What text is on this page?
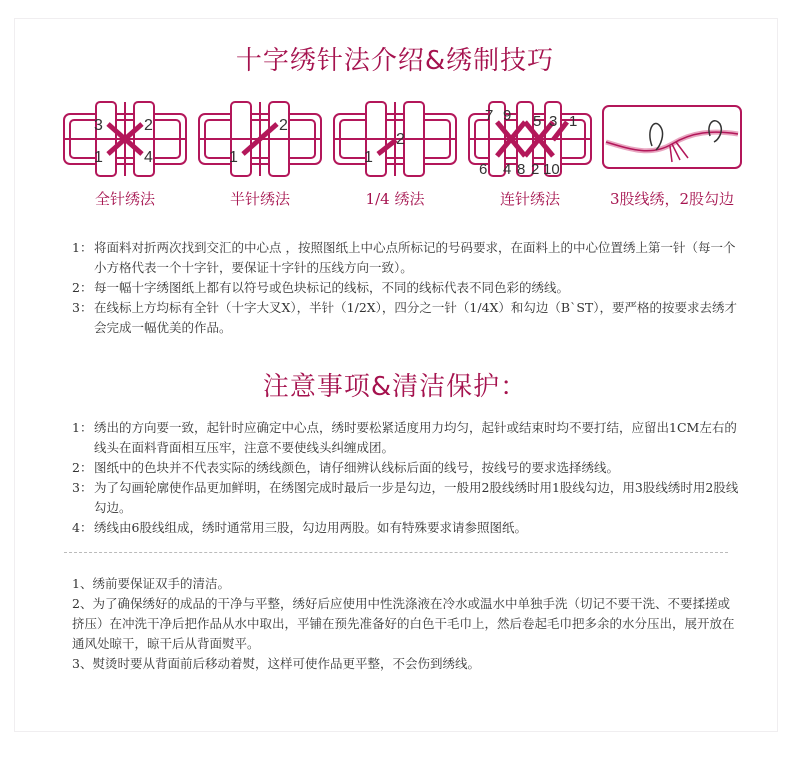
十字绣针法介绍&绣制技巧
3	2
1	4
全针绣法
2
1
半针绣法
2
1
1/4 绣法
7 9 5 3 1
6 4 8 2 10
连针绣法	3股线绣，2股勾边
1： 将面料对折两次找到交汇的中心点 ，按照图纸上中心点所标记的号码要求，在面料上的中心位置绣上第一针（每一个小方格代表一个十字针，要保证十字针的压线方向一致）。
2： 每一幅十字绣图纸上都有以符号或色块标记的线标，不同的线标代表不同色彩的绣线。
3： 在线标上方均标有全针（十字大叉X），半针（1/2X），四分之一针（1/4X）和勾边（B`ST），要严格的按要求去绣才会完成一幅优美的作品。
注意事项&清洁保护：
1： 绣出的方向要一致，起针时应确定中心点，绣时要松紧适度用力均匀，起针或结束时均不要打结，应留出1CM左右的线头在面料背面相互压牢，注意不要使线头纠缠成团。
2： 图纸中的色块并不代表实际的绣线颜色，请仔细辨认线标后面的线号，按线号的要求选择绣线。
3： 为了勾画轮廓使作品更加鲜明，在绣图完成时最后一步是勾边，一般用2股线绣时用1股线勾边，用3股线绣时用2股线勾边。
4： 绣线由6股线组成，绣时通常用三股，勾边用两股。如有特殊要求请参照图纸。
1、绣前要保证双手的清洁。
2、为了确保绣好的成品的干净与平整，绣好后应使用中性洗涤液在冷水或温水中单独手洗（切记不要干洗、不要揉搓或挤压）在冲洗干净后把作品从水中取出，平铺在预先准备好的白色干毛巾上，然后卷起毛巾把多余的水分压出，展开放在通风处晾干，晾干后从背面熨平。
3、熨烫时要从背面前后移动着熨，这样可使作品更平整，不会伤到绣线。
